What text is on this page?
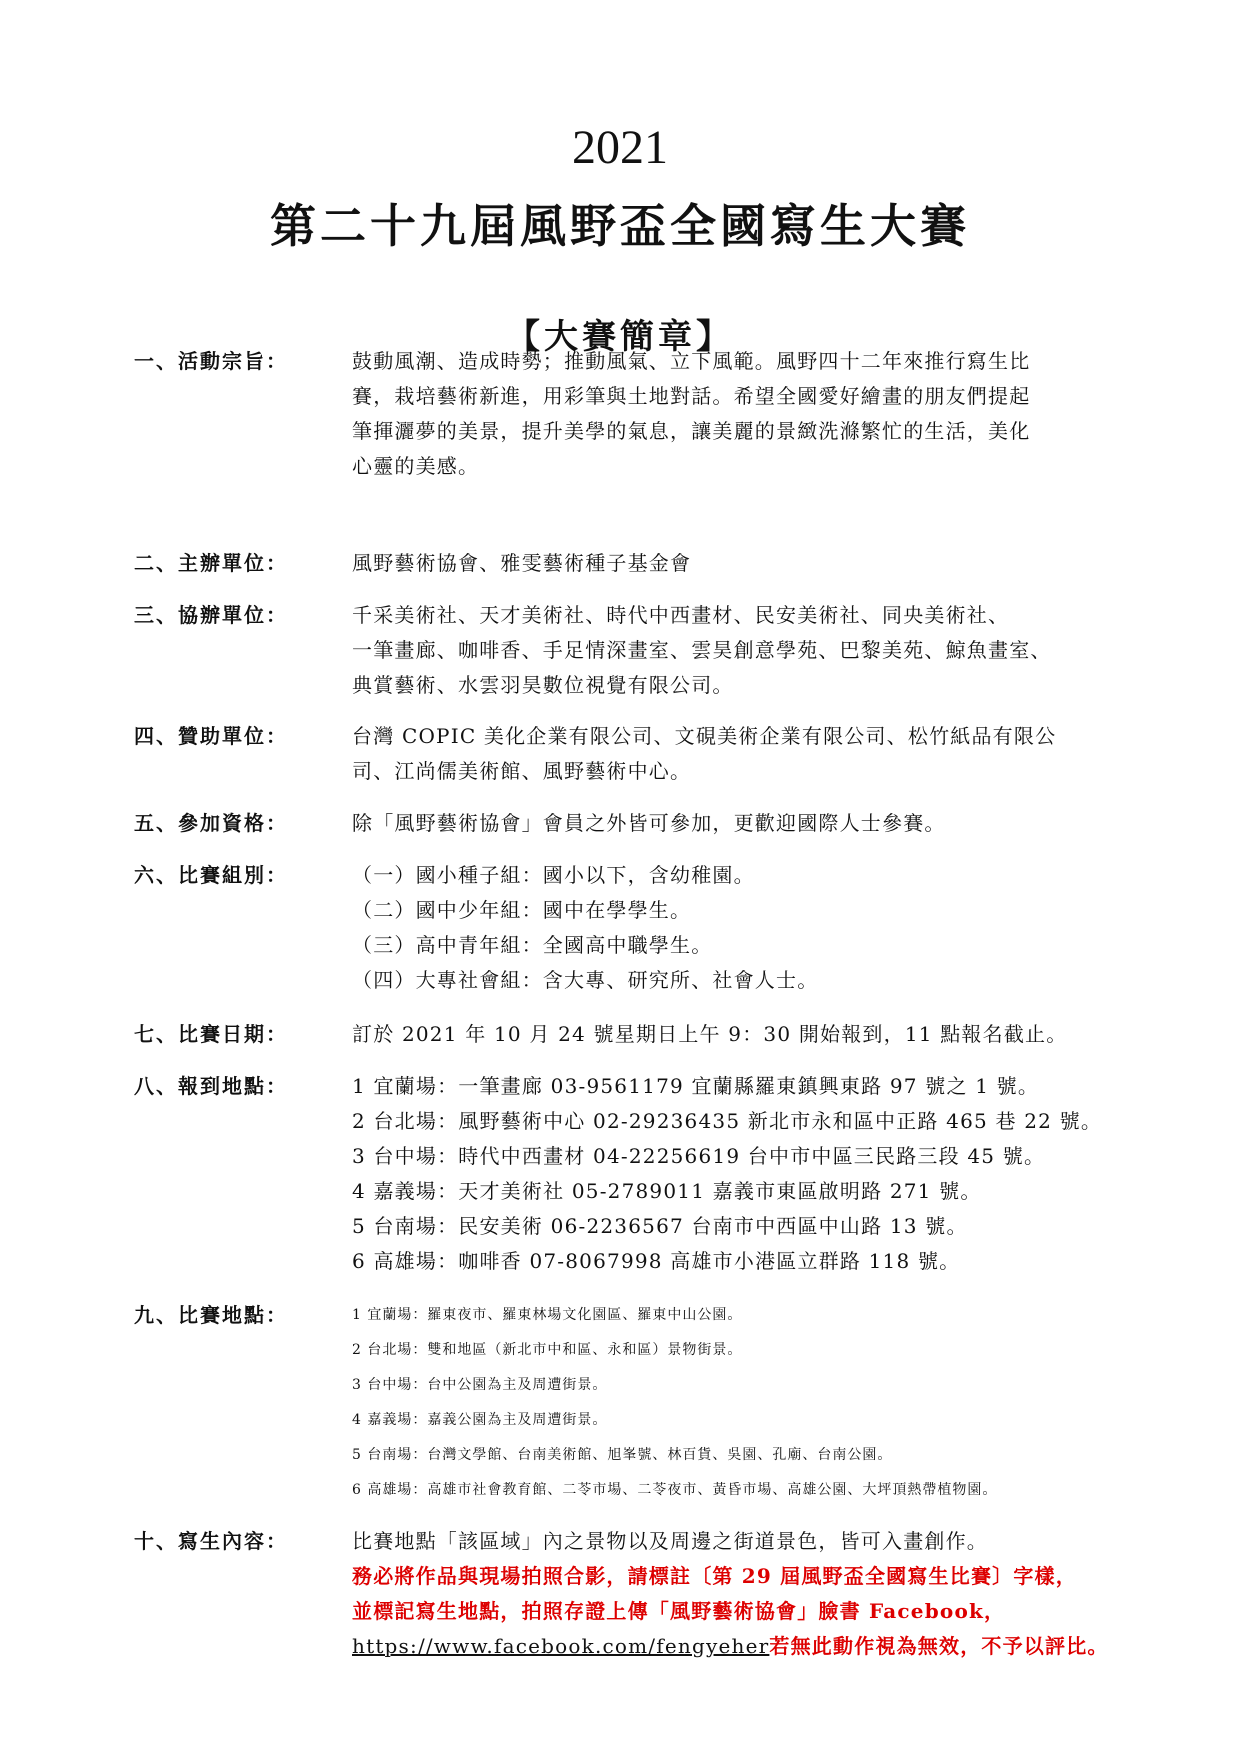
2021
第二十九屆風野盃全國寫生大賽
【大賽簡章】
一、活動宗旨：	鼓動風潮、造成時勢；推動風氣、立下風範。風野四十二年來推行寫生比
賽，栽培藝術新進，用彩筆與土地對話。希望全國愛好繪畫的朋友們提起
筆揮灑夢的美景，提升美學的氣息，讓美麗的景緻洗滌繁忙的生活，美化
心靈的美感。
二、主辦單位：	風野藝術協會、雅雯藝術種子基金會
三、協辦單位：	千采美術社、天才美術社、時代中西畫材、民安美術社、同央美術社、
一筆畫廊、咖啡香、手足情深畫室、雲昊創意學苑、巴黎美苑、鯨魚畫室、
典賞藝術、水雲羽昊數位視覺有限公司。
四、贊助單位：	台灣 COPIC 美化企業有限公司、文硯美術企業有限公司、松竹紙品有限公
司、江尚儒美術館、風野藝術中心。
五、參加資格：	除「風野藝術協會」會員之外皆可參加，更歡迎國際人士參賽。
六、比賽組別：	（一）國小種子組：國小以下，含幼稚園。
（二）國中少年組：國中在學學生。
（三）高中青年組：全國高中職學生。
（四）大專社會組：含大專、研究所、社會人士。
七、比賽日期：	訂於 2021 年 10 月 24 號星期日上午 9：30 開始報到，11 點報名截止。
八、報到地點：	1 宜蘭場：一筆畫廊 03-9561179 宜蘭縣羅東鎮興東路 97 號之 1 號。
2 台北場：風野藝術中心 02-29236435 新北市永和區中正路 465 巷 22 號。
3 台中場：時代中西畫材 04-22256619 台中市中區三民路三段 45 號。
4 嘉義場：天才美術社 05-2789011 嘉義市東區啟明路 271 號。
5 台南場：民安美術 06-2236567 台南市中西區中山路 13 號。
6 高雄場：咖啡香 07-8067998 高雄市小港區立群路 118 號。
九、比賽地點：	1 宜蘭場：羅東夜市、羅東林場文化園區、羅東中山公園。
2 台北場：雙和地區（新北市中和區、永和區）景物街景。
3 台中場：台中公園為主及周遭街景。
4 嘉義場：嘉義公園為主及周遭街景。
5 台南場：台灣文學館、台南美術館、旭峯號、林百貨、吳園、孔廟、台南公園。
6 高雄場：高雄市社會教育館、二苓市場、二苓夜市、黃昏市場、高雄公園、大坪頂熱帶植物園。
十、寫生內容：	比賽地點「該區域」內之景物以及周邊之街道景色，皆可入畫創作。
務必將作品與現場拍照合影，請標註〔第 29 屆風野盃全國寫生比賽〕字樣，
並標記寫生地點，拍照存證上傳「風野藝術協會」臉書 Facebook，
https://www.facebook.com/fengyeher若無此動作視為無效，不予以評比。
